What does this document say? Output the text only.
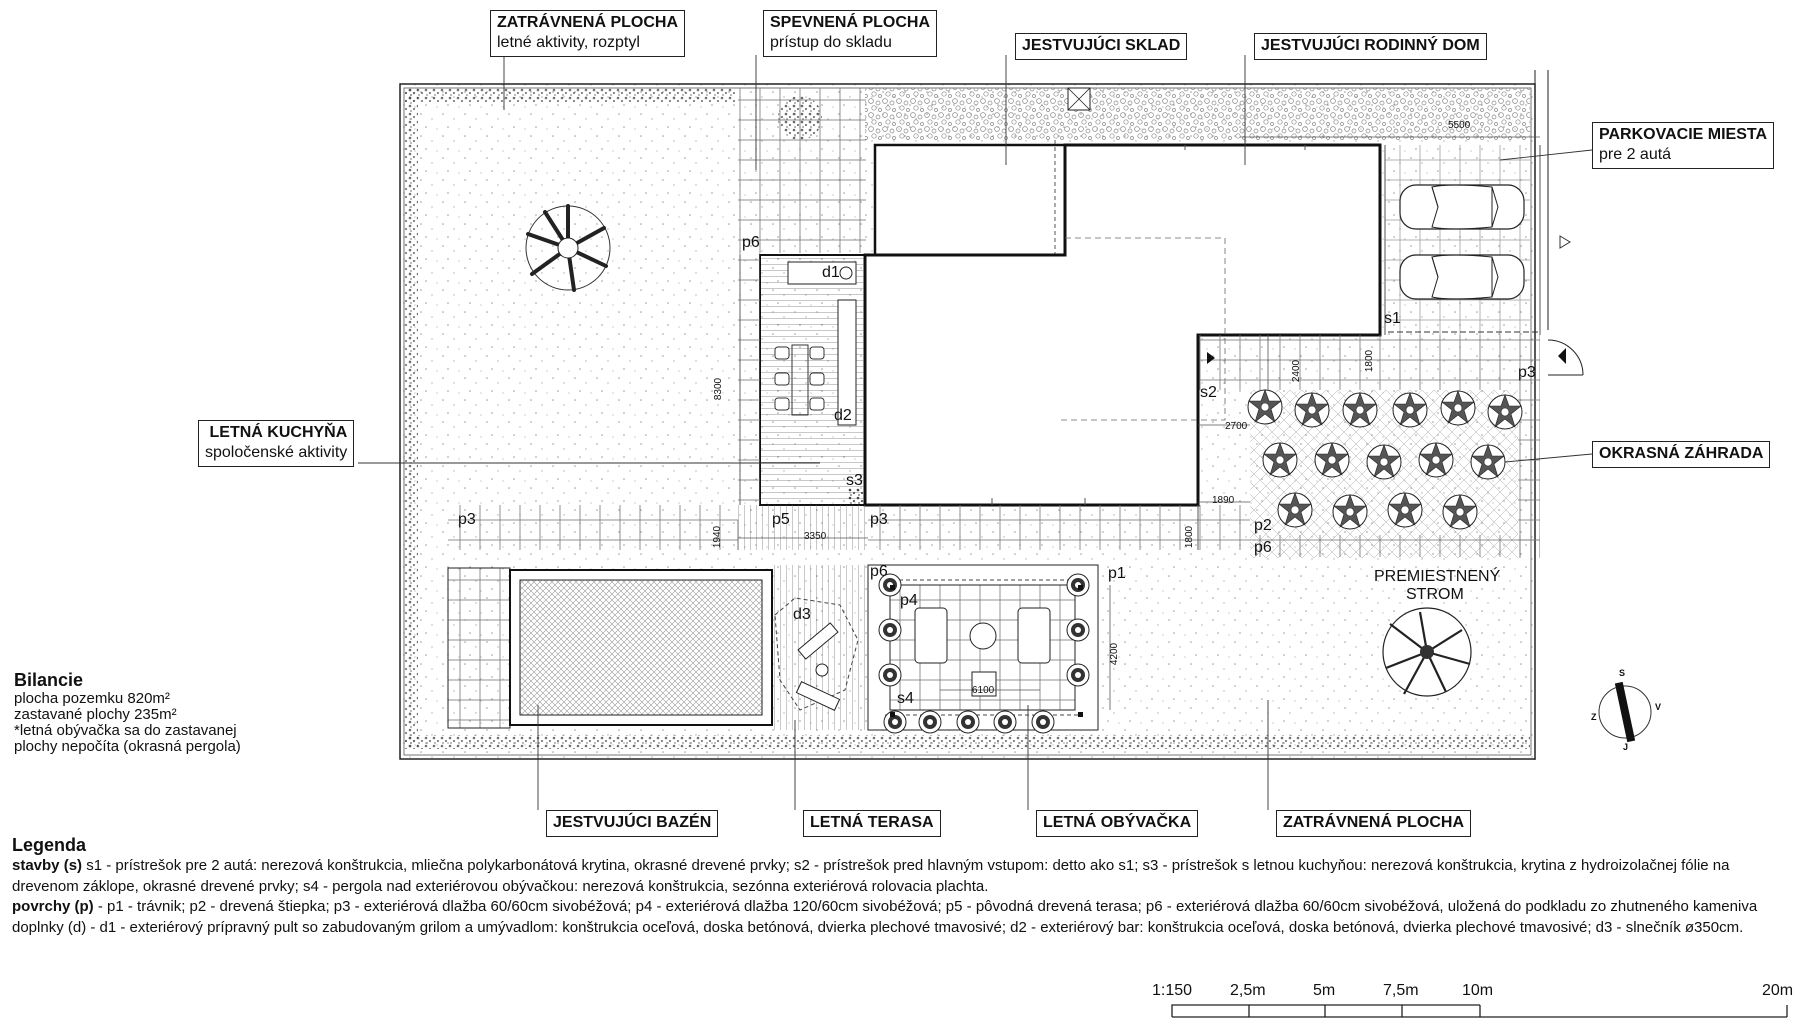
ZATRÁVNENÁ PLOCHA
letné aktivity, rozptyl
SPEVNENÁ PLOCHA
prístup do skladu	JESTVUJÚCI SKLAD	JESTVUJÚCI RODINNÝ DOM
PARKOVACIE MIESTA
pre 2 autá
LETNÁ KUCHYŇA
spoločenské aktivity	OKRASNÁ ZÁHRADA
JESTVUJÚCI BAZÉN	LETNÁ TERASA	LETNÁ OBÝVAČKA	ZATRÁVNENÁ PLOCHA
p6
d1
d2
s3
s1
s2
p3
p3	p5	p3	p2
p6
p6	p1
p4
s4
d3
PREMIESTNENÝ
STROM
8300
5500
2400	1800
2700
1890
1800
3350
1940
4200
6100
S
J
V
Z
Bilancie
plocha pozemku 820m²
zastavané plochy 235m²
*letná obývačka sa do zastavanej
plochy nepočíta (okrasná pergola)
Legenda
stavby (s) s1 - prístrešok pre 2 autá: nerezová konštrukcia, mliečna polykarbonátová krytina, okrasné drevené prvky; s2 - prístrešok pred hlavným vstupom: detto ako s1; s3 - prístrešok s letnou kuchyňou: nerezová konštrukcia, krytina z hydroizolačnej fólie na drevenom záklope, okrasné drevené prvky; s4 - pergola nad exteriérovou obývačkou: nerezová konštrukcia, sezónna exteriérová rolovacia plachta.
povrchy (p) - p1 - trávnik; p2 - drevená štiepka; p3 - exteriérová dlažba 60/60cm sivobéžová; p4 - exteriérová dlažba 120/60cm sivobéžová; p5 - pôvodná drevená terasa; p6 - exteriérová dlažba 60/60cm sivobéžová, uložená do podkladu zo zhutneného kameniva
doplnky (d) - d1 - exteriérový prípravný pult so zabudovaným grilom a umývadlom: konštrukcia oceľová, doska betónová, dvierka plechové tmavosivé; d2 - exteriérový bar: konštrukcia oceľová, doska betónová, dvierka plechové tmavosivé; d3 - slnečník ø350cm.
1:150 2,5m	5m	7,5m	10m	20m
